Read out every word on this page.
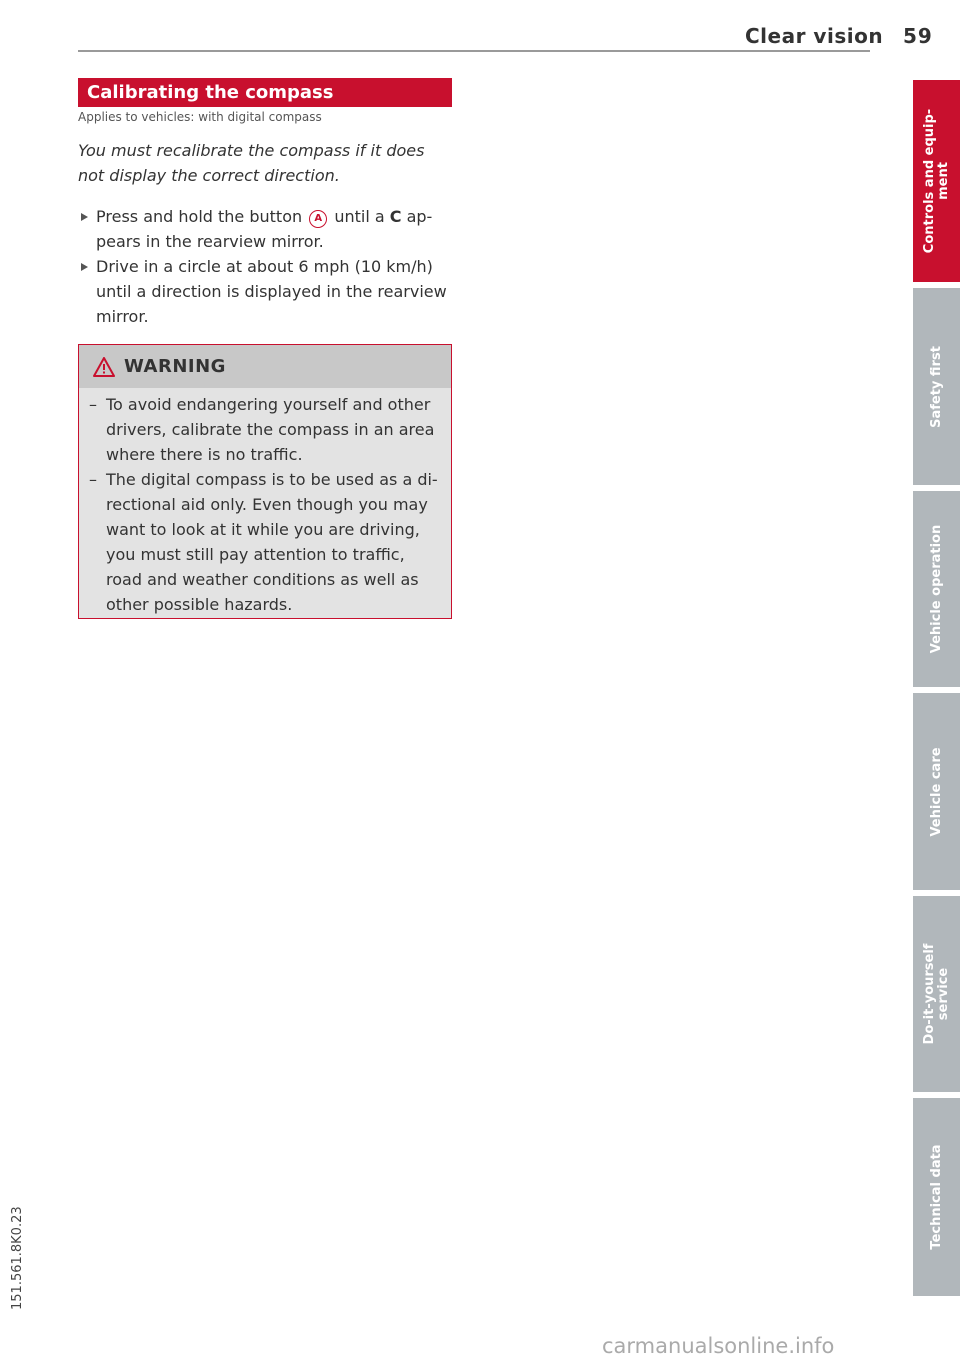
Clear vision 59
Calibrating the compass
Applies to vehicles: with digital compass

You must recalibrate the compass if it does

not display the correct direction.

Press and hold the button A until a C ap-
pears in the rearview mirror.
Drive in a circle at about 6 mph (10 km/h)
until a direction is displayed in the rearview
mirror.
WARNING
– To avoid endangering yourself and other
drivers, calibrate the compass in an area
where there is no traffic.
– The digital compass is to be used as a di-
rectional aid only. Even though you may
want to look at it while you are driving,
you must still pay attention to traffic,
road and weather conditions as well as
other possible hazards.
Controls and equip-
ment
Safety first
Vehicle operation
Vehicle care
Do-it-yourself
service
Technical data
151.561.8K0.23
carmanualsonline.info
